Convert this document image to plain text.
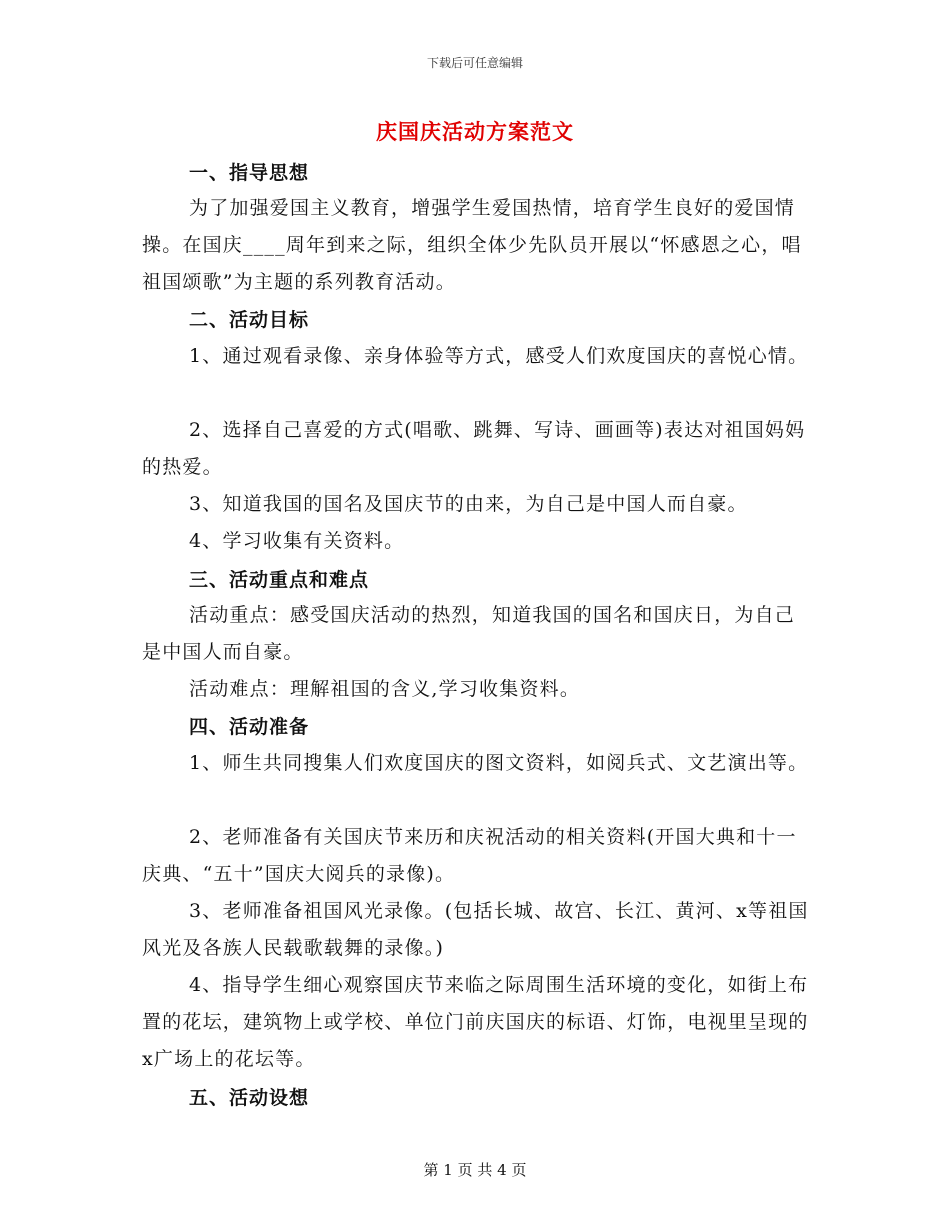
下载后可任意编辑
庆国庆活动方案范文
一、指导思想
为了加强爱国主义教育，增强学生爱国热情，培育学生良好的爱国情操。在国庆____周年到来之际，组织全体少先队员开展以“怀感恩之心，唱祖国颂歌”为主题的系列教育活动。
二、活动目标
1、通过观看录像、亲身体验等方式，感受人们欢度国庆的喜悦心情。
2、选择自己喜爱的方式(唱歌、跳舞、写诗、画画等)表达对祖国妈妈的热爱。
3、知道我国的国名及国庆节的由来，为自己是中国人而自豪。
4、学习收集有关资料。
三、活动重点和难点
活动重点：感受国庆活动的热烈，知道我国的国名和国庆日，为自己是中国人而自豪。
活动难点：理解祖国的含义,学习收集资料。
四、活动准备
1、师生共同搜集人们欢度国庆的图文资料，如阅兵式、文艺演出等。
2、老师准备有关国庆节来历和庆祝活动的相关资料(开国大典和十一庆典、“五十”国庆大阅兵的录像)。
3、老师准备祖国风光录像。(包括长城、故宫、长江、黄河、x等祖国风光及各族人民载歌载舞的录像。)
4、指导学生细心观察国庆节来临之际周围生活环境的变化，如街上布置的花坛，建筑物上或学校、单位门前庆国庆的标语、灯饰，电视里呈现的x广场上的花坛等。
五、活动设想
第 1 页 共 4 页
